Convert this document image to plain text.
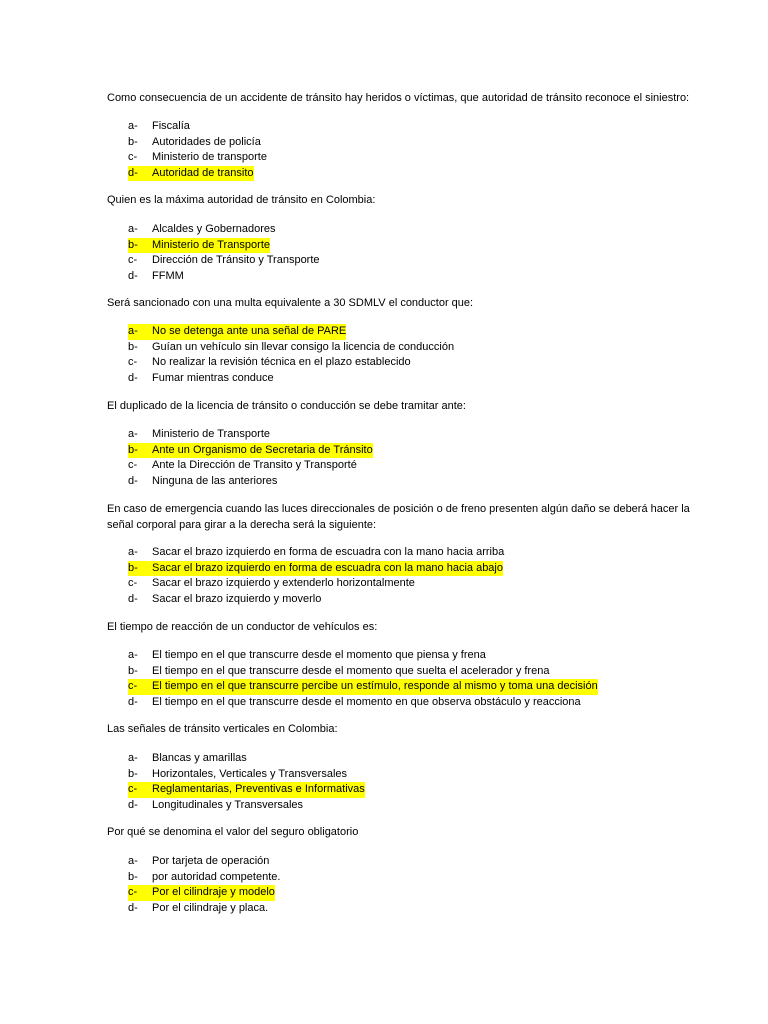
Como consecuencia de un accidente de tránsito hay heridos o víctimas, que autoridad de tránsito reconoce el siniestro:

a- Fiscalía
b- Autoridades de policía
c- Ministerio de transporte
d- Autoridad de transito

Quien es la máxima autoridad de tránsito en Colombia:

a- Alcaldes y Gobernadores
b- Ministerio de Transporte
c- Dirección de Tránsito y Transporte
d- FFMM

Será sancionado con una multa equivalente a 30 SDMLV el conductor que:

a- No se detenga ante una señal de PARE
b- Guían un vehículo sin llevar consigo la licencia de conducción
c- No realizar la revisión técnica en el plazo establecido
d- Fumar mientras conduce

El duplicado de la licencia de tránsito o conducción se debe tramitar ante:

a- Ministerio de Transporte
b- Ante un Organismo de Secretaria de Tránsito
c- Ante la Dirección de Transito y Transporté
d- Ninguna de las anteriores

En caso de emergencia cuando las luces direccionales de posición o de freno presenten algún daño se deberá hacer la señal corporal para girar a la derecha será la siguiente:

a- Sacar el brazo izquierdo en forma de escuadra con la mano hacia arriba
b- Sacar el brazo izquierdo en forma de escuadra con la mano hacia abajo
c- Sacar el brazo izquierdo y extenderlo horizontalmente
d- Sacar el brazo izquierdo y moverlo

El tiempo de reacción de un conductor de vehículos es:

a- El tiempo en el que transcurre desde el momento que piensa y frena
b- El tiempo en el que transcurre desde el momento que suelta el acelerador y frena
c- El tiempo en el que transcurre percibe un estímulo, responde al mismo y toma una decisión
d- El tiempo en el que transcurre desde el momento en que observa obstáculo y reacciona

Las señales de tránsito verticales en Colombia:

a- Blancas y amarillas
b- Horizontales, Verticales y Transversales
c- Reglamentarias, Preventivas e Informativas
d- Longitudinales y Transversales

Por qué se denomina el valor del seguro obligatorio

a- Por tarjeta de operación
b- por autoridad competente.
c- Por el cilindraje y modelo
d- Por el cilindraje y placa.
